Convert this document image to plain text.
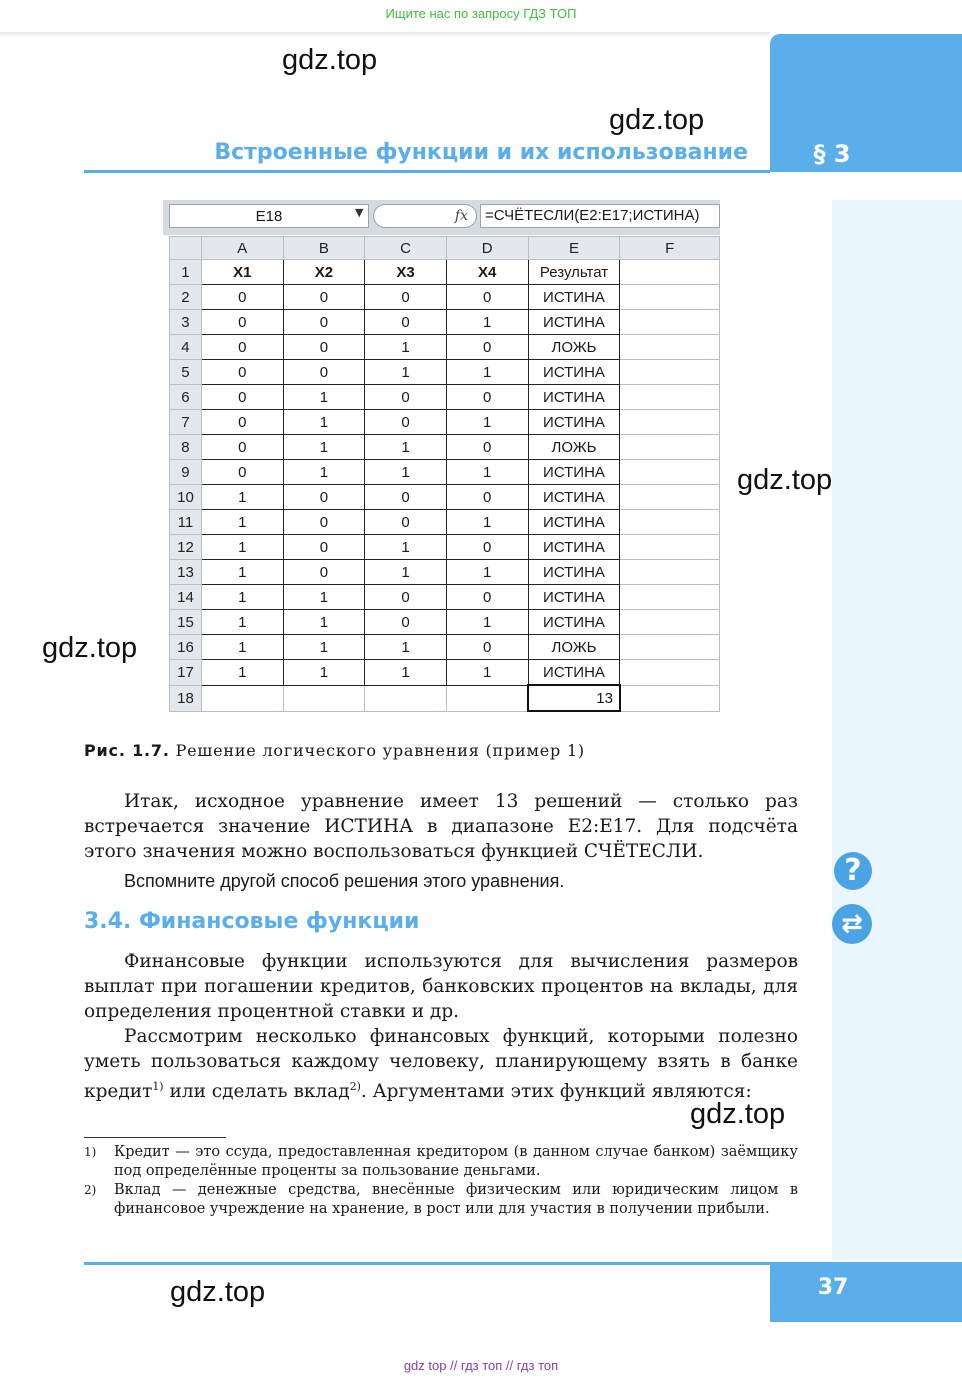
Ищите нас по запросу ГДЗ ТОП
§ 3
Встроенные функции и их использование
gdz.top
gdz.top
E18	▼	fx	=СЧЁТЕСЛИ(E2:E17;ИСТИНА)
	A	B	C	D	E	F
1	X1	X2	X3	X4	Результат	
2	0	0	0	0	ИСТИНА	
3	0	0	0	1	ИСТИНА	
4	0	0	1	0	ЛОЖЬ	
5	0	0	1	1	ИСТИНА	
6	0	1	0	0	ИСТИНА	
7	0	1	0	1	ИСТИНА	
8	0	1	1	0	ЛОЖЬ	
9	0	1	1	1	ИСТИНА	
10	1	0	0	0	ИСТИНА	
11	1	0	0	1	ИСТИНА	
12	1	0	1	0	ИСТИНА	
13	1	0	1	1	ИСТИНА	
14	1	1	0	0	ИСТИНА	
15	1	1	0	1	ИСТИНА	
16	1	1	1	0	ЛОЖЬ	
17	1	1	1	1	ИСТИНА	
18					13	
gdz.top
gdz.top
Рис. 1.7. Решение логического уравнения (пример 1)
Итак, исходное уравнение имеет 13 решений — столько раз встречается значение ИСТИНА в диапазоне E2:E17. Для подсчёта этого значения можно воспользоваться функцией СЧЁТЕСЛИ.
Вспомните другой способ решения этого уравнения.	?
⇄
3.4. Финансовые функции
Финансовые функции используются для вычисления размеров выплат при погашении кредитов, банковских процентов на вклады, для определения процентной ставки и др.
Рассмотрим несколько финансовых функций, которыми полезно уметь пользоваться каждому человеку, планирующему взять в банке кредит$^{1)}$ или сделать вклад$^{2)}$. Аргументами этих функций являются:
gdz.top
1) Кредит — это ссуда, предоставленная кредитором (в данном случае банком) заёмщику под определённые проценты за пользование деньгами.
2) Вклад — денежные средства, внесённые физическим или юридическим лицом в финансовое учреждение на хранение, в рост или для участия в получении прибыли.
37
gdz.top
gdz top // гдз топ // гдз топ
